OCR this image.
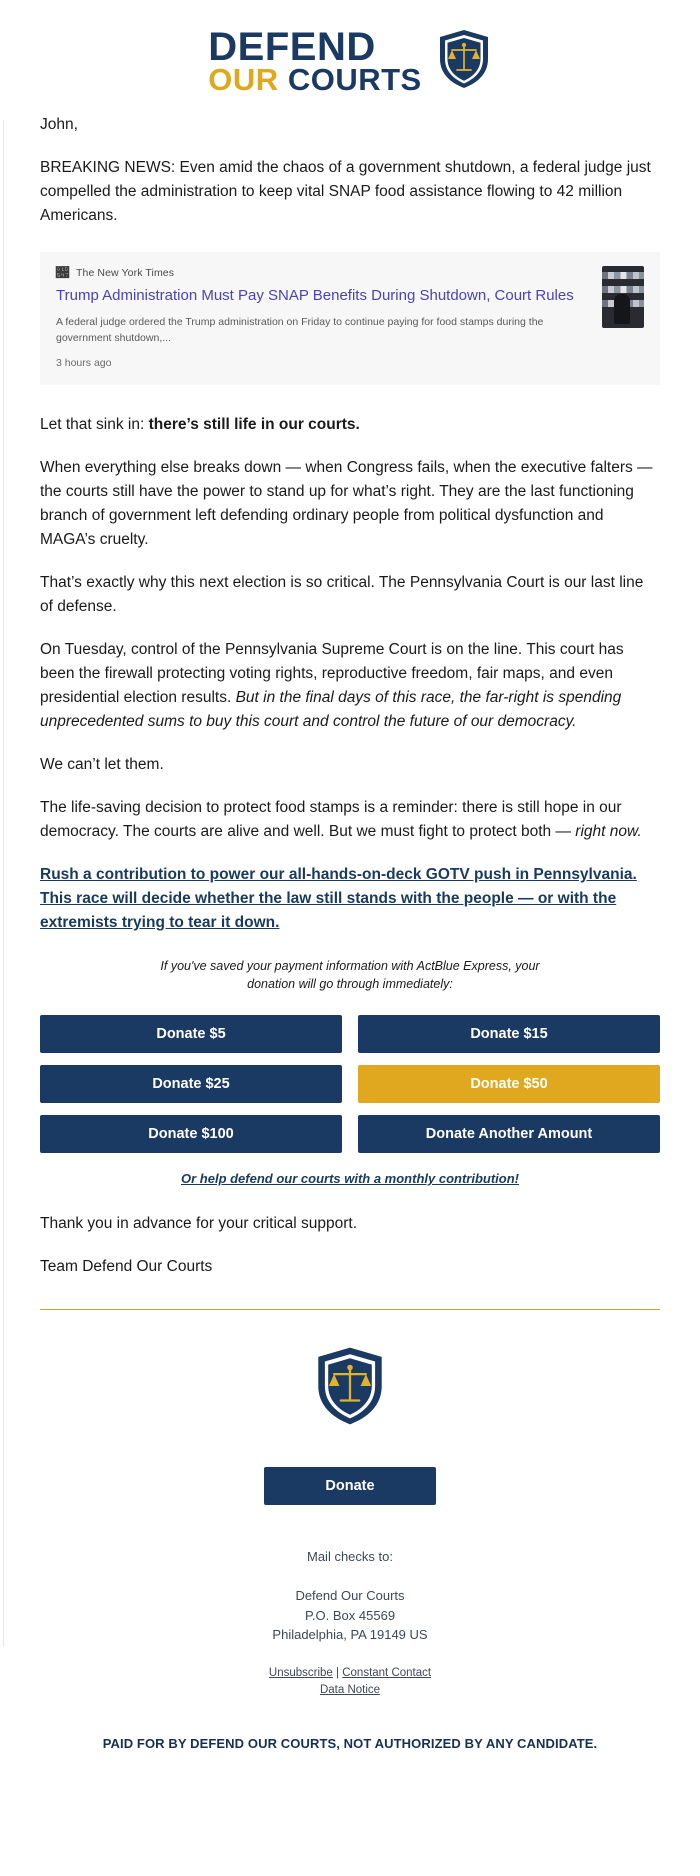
DEFEND
OUR COURTS

John,

BREAKING NEWS: Even amid the chaos of a government shutdown, a federal judge just compelled the administration to keep vital SNAP food assistance flowing to 42 million Americans.

𝕇 The New York Times
Trump Administration Must Pay SNAP Benefits During Shutdown, Court Rules
A federal judge ordered the Trump administration on Friday to continue paying for food stamps during the government shutdown,...
3 hours ago

Let that sink in: there’s still life in our courts.

When everything else breaks down — when Congress fails, when the executive falters — the courts still have the power to stand up for what’s right. They are the last functioning branch of government left defending ordinary people from political dysfunction and MAGA’s cruelty.

That’s exactly why this next election is so critical. The Pennsylvania Court is our last line of defense.

On Tuesday, control of the Pennsylvania Supreme Court is on the line. This court has been the firewall protecting voting rights, reproductive freedom, fair maps, and even presidential election results. But in the final days of this race, the far-right is spending unprecedented sums to buy this court and control the future of our democracy.

We can’t let them.

The life-saving decision to protect food stamps is a reminder: there is still hope in our democracy. The courts are alive and well. But we must fight to protect both — right now.

Rush a contribution to power our all-hands-on-deck GOTV push in Pennsylvania. This race will decide whether the law still stands with the people — or with the extremists trying to tear it down.
If you've saved your payment information with ActBlue Express, your donation will go through immediately:
Donate $5	Donate $15
Donate $25	Donate $50
Donate $100	Donate Another Amount
Or help defend our courts with a monthly contribution!

Thank you in advance for your critical support.

Team Defend Our Courts

Donate
Mail checks to:
Defend Our Courts
P.O. Box 45569
Philadelphia, PA 19149 US
Unsubscribe | Constant Contact
Data Notice
PAID FOR BY DEFEND OUR COURTS, NOT AUTHORIZED BY ANY CANDIDATE.
